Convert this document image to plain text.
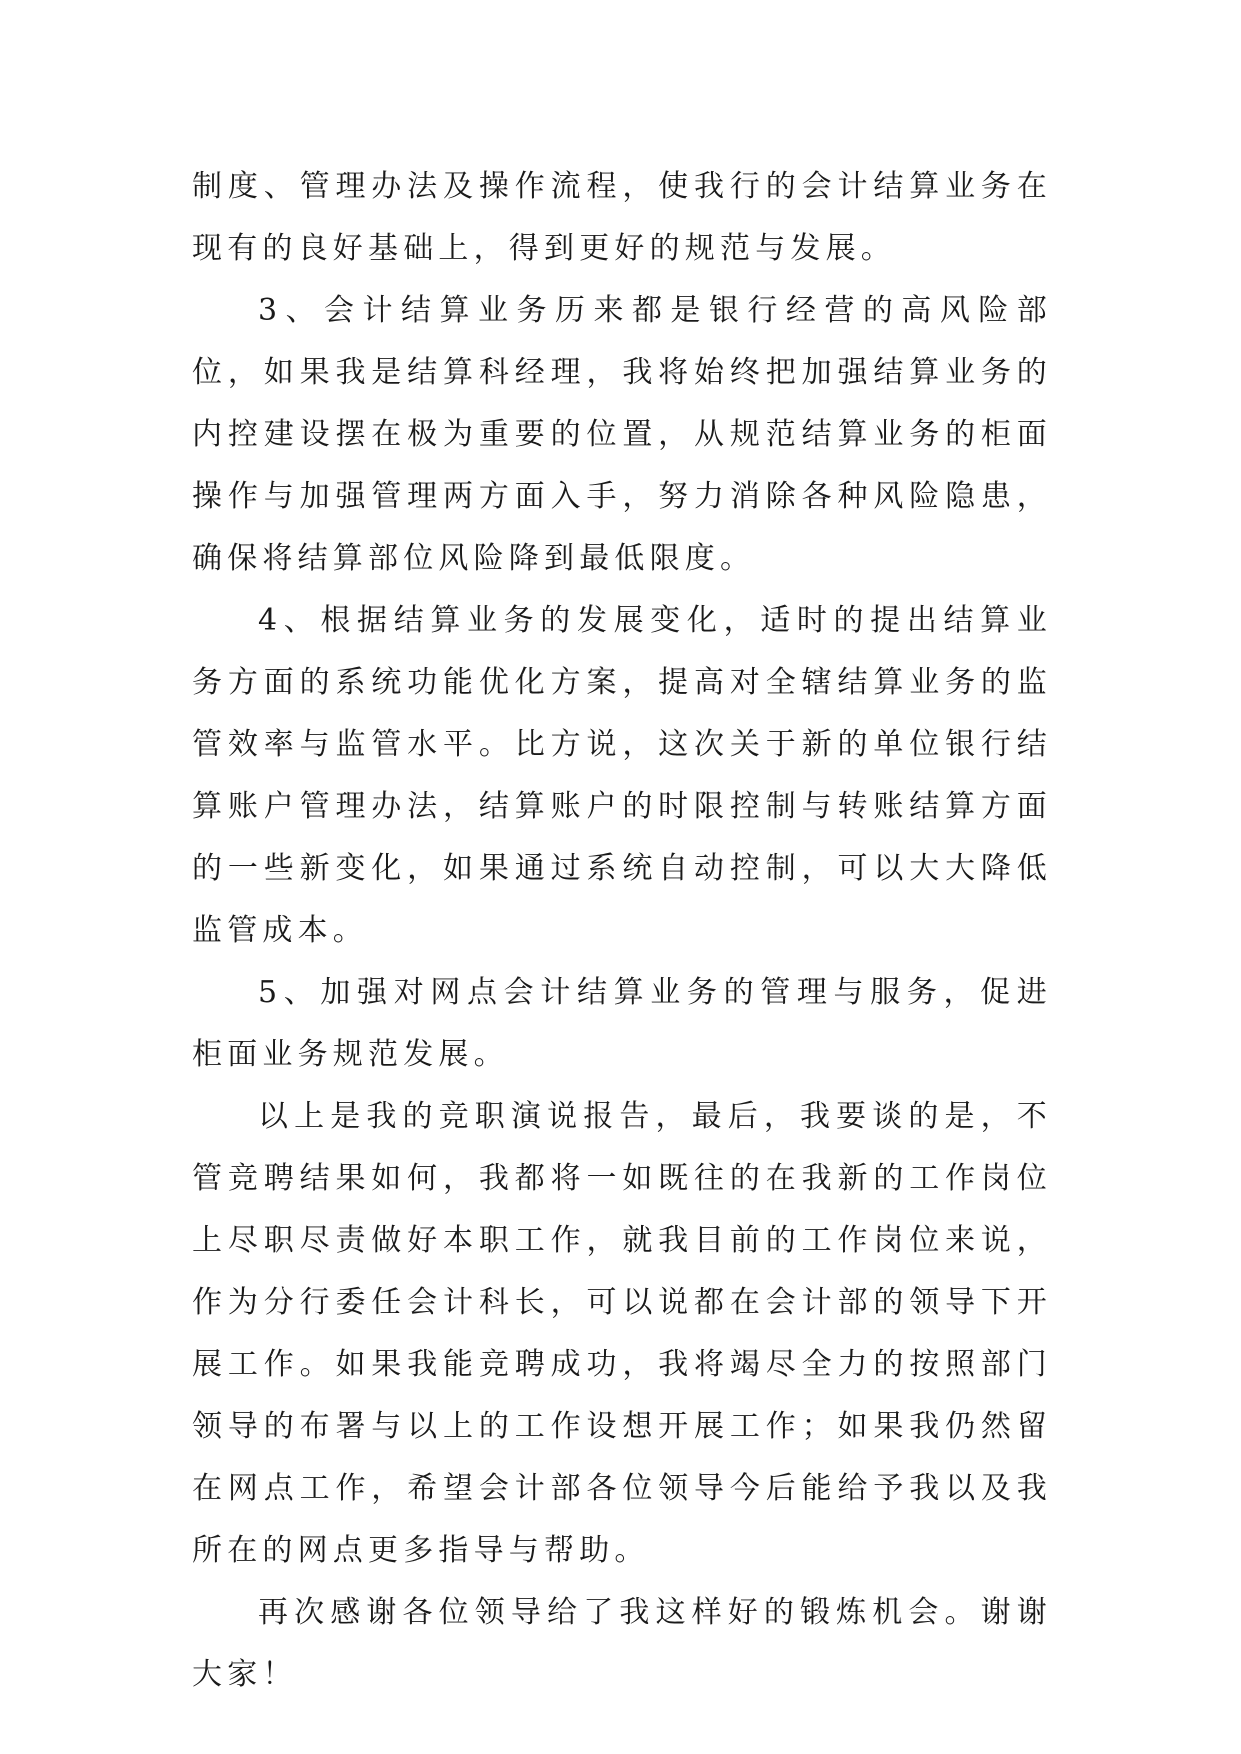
制度、管理办法及操作流程，使我行的会计结算业务在现有的良好基础上，得到更好的规范与发展。

3、会计结算业务历来都是银行经营的高风险部位，如果我是结算科经理，我将始终把加强结算业务的内控建设摆在极为重要的位置，从规范结算业务的柜面操作与加强管理两方面入手，努力消除各种风险隐患，确保将结算部位风险降到最低限度。

4、根据结算业务的发展变化，适时的提出结算业务方面的系统功能优化方案，提高对全辖结算业务的监管效率与监管水平。比方说，这次关于新的单位银行结算账户管理办法，结算账户的时限控制与转账结算方面的一些新变化，如果通过系统自动控制，可以大大降低监管成本。

5、加强对网点会计结算业务的管理与服务，促进柜面业务规范发展。

以上是我的竞职演说报告，最后，我要谈的是，不管竞聘结果如何，我都将一如既往的在我新的工作岗位上尽职尽责做好本职工作，就我目前的工作岗位来说，作为分行委任会计科长，可以说都在会计部的领导下开展工作。如果我能竞聘成功，我将竭尽全力的按照部门领导的布署与以上的工作设想开展工作；如果我仍然留在网点工作，希望会计部各位领导今后能给予我以及我所在的网点更多指导与帮助。

再次感谢各位领导给了我这样好的锻炼机会。谢谢大家！
